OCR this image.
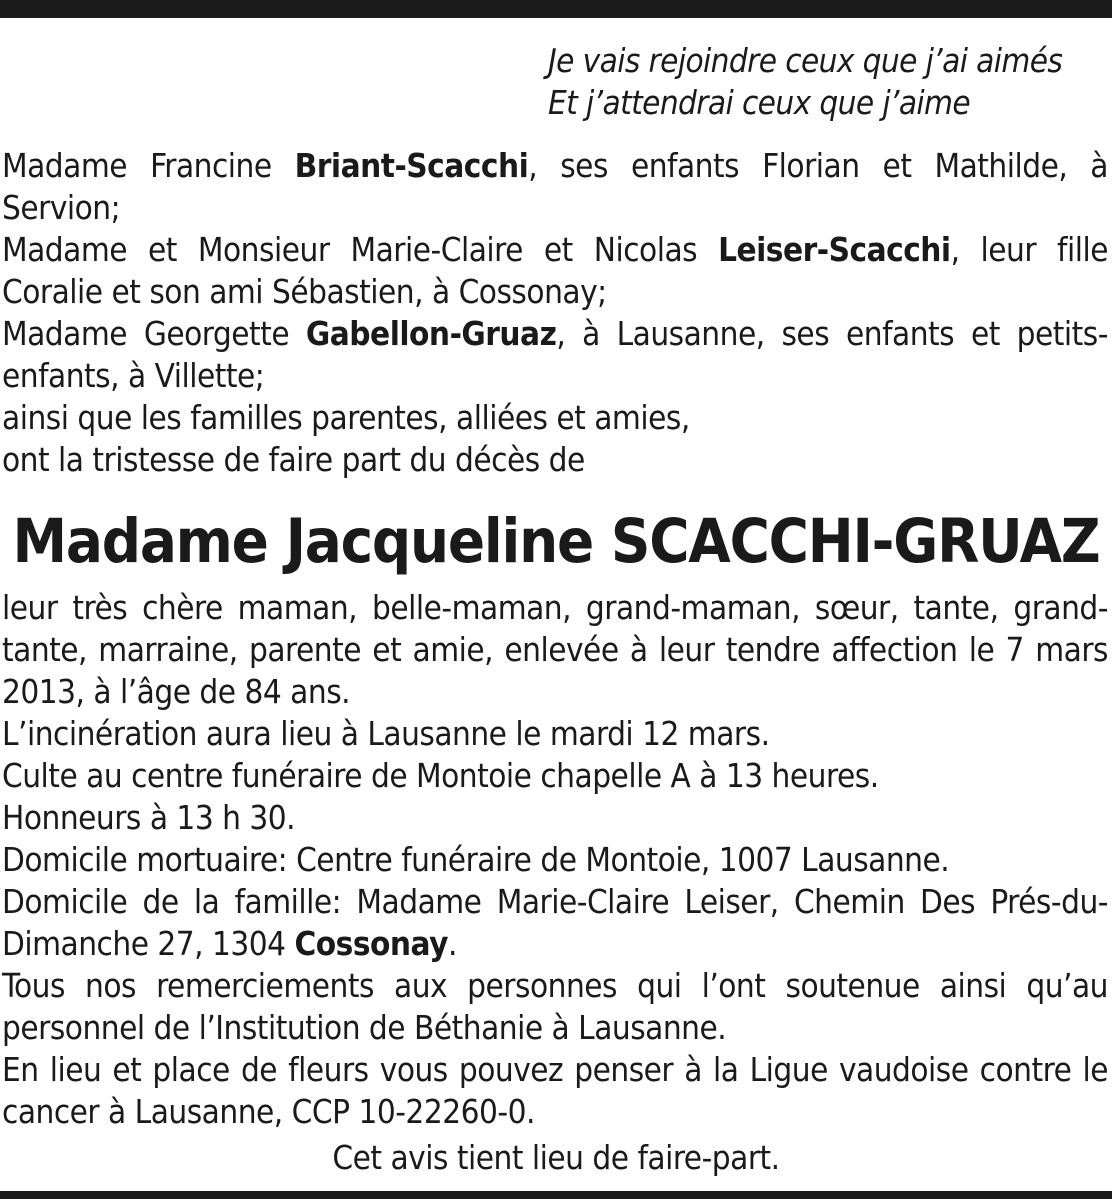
Je vais rejoindre ceux que j’ai aimés
Et j’attendrai ceux que j’aime
Madame Francine Briant-Scacchi, ses enfants Florian et Mathilde, à Servion;
Madame et Monsieur Marie-Claire et Nicolas Leiser-Scacchi, leur fille Coralie et son ami Sébastien, à Cossonay;
Madame Georgette Gabellon-Gruaz, à Lausanne, ses enfants et petits-enfants, à Villette;
ainsi que les familles parentes, alliées et amies,
ont la tristesse de faire part du décès de
Madame Jacqueline SCACCHI-GRUAZ
leur très chère maman, belle-maman, grand-maman, sœur, tante, grand-tante, marraine, parente et amie, enlevée à leur tendre affection le 7 mars 2013, à l’âge de 84 ans.
L’incinération aura lieu à Lausanne le mardi 12 mars.
Culte au centre funéraire de Montoie chapelle A à 13 heures.
Honneurs à 13 h 30.
Domicile mortuaire: Centre funéraire de Montoie, 1007 Lausanne.
Domicile de la famille: Madame Marie-Claire Leiser, Chemin Des Prés-du-Dimanche 27, 1304 Cossonay.
Tous nos remerciements aux personnes qui l’ont soutenue ainsi qu’au personnel de l’Institution de Béthanie à Lausanne.
En lieu et place de fleurs vous pouvez penser à la Ligue vaudoise contre le cancer à Lausanne, CCP 10-22260-0.
Cet avis tient lieu de faire-part.
